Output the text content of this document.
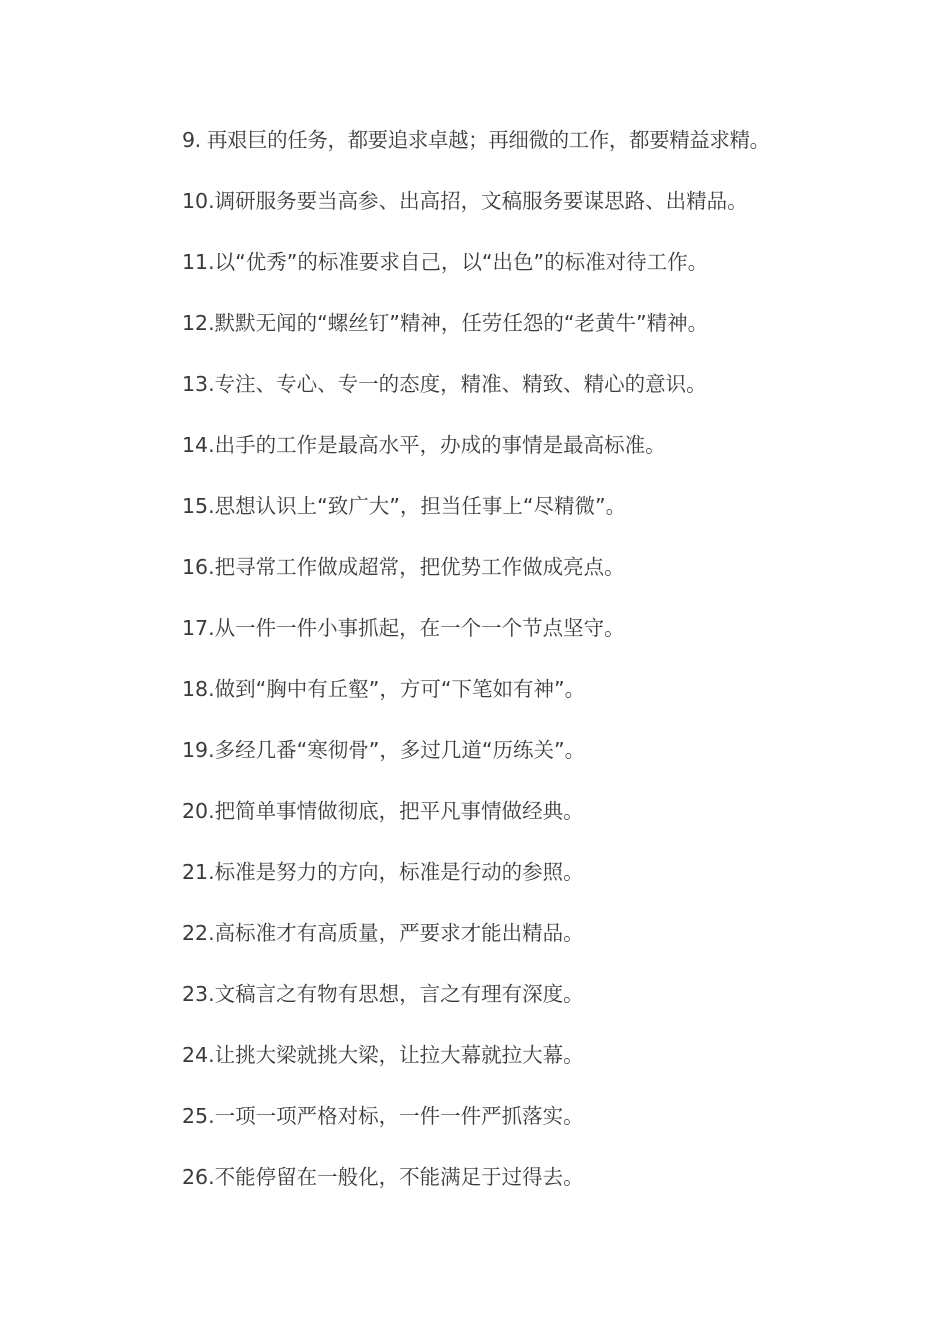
9. 再艰巨的任务，都要追求卓越；再细微的工作，都要精益求精。
10.调研服务要当高参、出高招，文稿服务要谋思路、出精品。
11.以“优秀”的标准要求自己，以“出色”的标准对待工作。
12.默默无闻的“螺丝钉”精神，任劳任怨的“老黄牛”精神。
13.专注、专心、专一的态度，精准、精致、精心的意识。
14.出手的工作是最高水平，办成的事情是最高标准。
15.思想认识上“致广大”，担当任事上“尽精微”。
16.把寻常工作做成超常，把优势工作做成亮点。
17.从一件一件小事抓起，在一个一个节点坚守。
18.做到“胸中有丘壑”，方可“下笔如有神”。
19.多经几番“寒彻骨”，多过几道“历练关”。
20.把简单事情做彻底，把平凡事情做经典。
21.标准是努力的方向，标准是行动的参照。
22.高标准才有高质量，严要求才能出精品。
23.文稿言之有物有思想，言之有理有深度。
24.让挑大梁就挑大梁，让拉大幕就拉大幕。
25.一项一项严格对标，一件一件严抓落实。
26.不能停留在一般化，不能满足于过得去。
